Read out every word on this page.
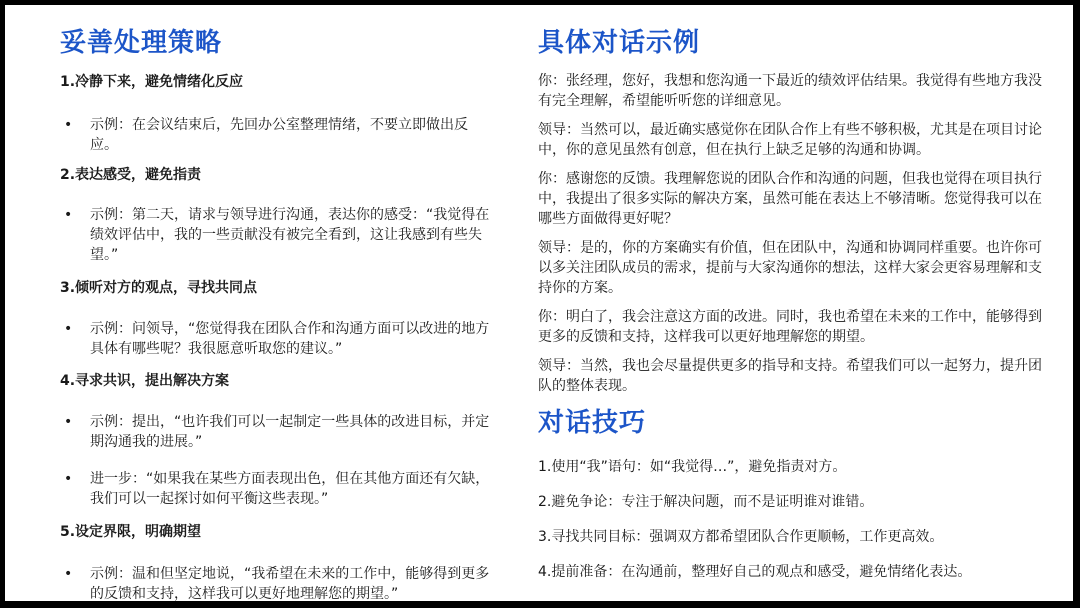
妥善处理策略

1.冷静下来，避免情绪化反应

• 示例：在会议结束后，先回办公室整理情绪，不要立即做出反应。

2.表达感受，避免指责

• 示例：第二天，请求与领导进行沟通，表达你的感受：“我觉得在绩效评估中，我的一些贡献没有被完全看到，这让我感到有些失望。”

3.倾听对方的观点，寻找共同点

• 示例：问领导，“您觉得我在团队合作和沟通方面可以改进的地方具体有哪些呢？我很愿意听取您的建议。”

4.寻求共识，提出解决方案

• 示例：提出，“也许我们可以一起制定一些具体的改进目标，并定期沟通我的进展。”

• 进一步：“如果我在某些方面表现出色，但在其他方面还有欠缺，我们可以一起探讨如何平衡这些表现。”

5.设定界限，明确期望

• 示例：温和但坚定地说，“我希望在未来的工作中，能够得到更多的反馈和支持，这样我可以更好地理解您的期望。”

具体对话示例

你：张经理，您好，我想和您沟通一下最近的绩效评估结果。我觉得有些地方我没有完全理解，希望能听听您的详细意见。

领导：当然可以，最近确实感觉你在团队合作上有些不够积极，尤其是在项目讨论中，你的意见虽然有创意，但在执行上缺乏足够的沟通和协调。

你：感谢您的反馈。我理解您说的团队合作和沟通的问题，但我也觉得在项目执行中，我提出了很多实际的解决方案，虽然可能在表达上不够清晰。您觉得我可以在哪些方面做得更好呢？

领导：是的，你的方案确实有价值，但在团队中，沟通和协调同样重要。也许你可以多关注团队成员的需求，提前与大家沟通你的想法，这样大家会更容易理解和支持你的方案。

你：明白了，我会注意这方面的改进。同时，我也希望在未来的工作中，能够得到更多的反馈和支持，这样我可以更好地理解您的期望。

领导：当然，我也会尽量提供更多的指导和支持。希望我们可以一起努力，提升团队的整体表现。

对话技巧

1.使用“我”语句：如“我觉得…”，避免指责对方。

2.避免争论：专注于解决问题，而不是证明谁对谁错。

3.寻找共同目标：强调双方都希望团队合作更顺畅，工作更高效。

4.提前准备：在沟通前，整理好自己的观点和感受，避免情绪化表达。
